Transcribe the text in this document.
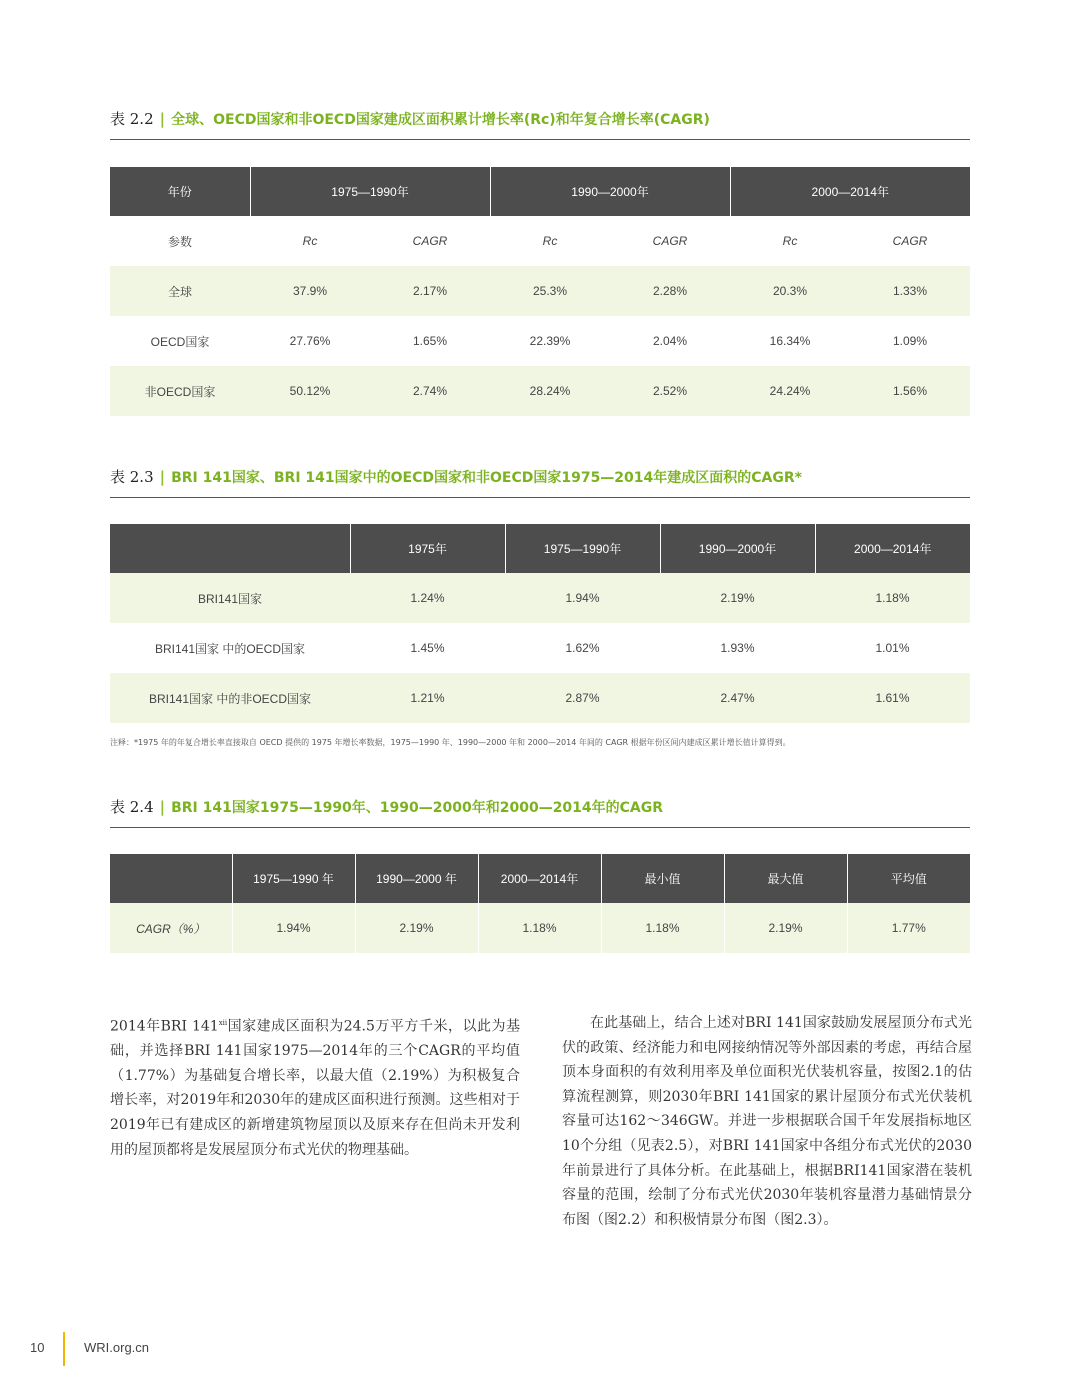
表 2.2 | 全球、OECD国家和非OECD国家建成区面积累计增长率(Rc)和年复合增长率(CAGR)
年份	1975—1990年		1990—2000年		2000—2014年	
参数	Rc	CAGR	Rc	CAGR	Rc	CAGR
全球	37.9%	2.17%	25.3%	2.28%	20.3%	1.33%
OECD国家	27.76%	1.65%	22.39%	2.04%	16.34%	1.09%
非OECD国家	50.12%	2.74%	28.24%	2.52%	24.24%	1.56%
表 2.3 | BRI 141国家、BRI 141国家中的OECD国家和非OECD国家1975—2014年建成区面积的CAGR*
	1975年	1975—1990年	1990—2000年	2000—2014年
BRI141国家	1.24%	1.94%	2.19%	1.18%
BRI141国家 中的OECD国家	1.45%	1.62%	1.93%	1.01%
BRI141国家 中的非OECD国家	1.21%	2.87%	2.47%	1.61%
注释：*1975 年的年复合增长率直接取自 OECD 提供的 1975 年增长率数据，1975—1990 年、1990—2000 年和 2000—2014 年间的 CAGR 根据年份区间内建成区累计增长值计算得到。
表 2.4 | BRI 141国家1975—1990年、1990—2000年和2000—2014年的CAGR
	1975—1990 年	1990—2000 年	2000—2014年	最小值	最大值	平均值
CAGR（%）	1.94%	2.19%	1.18%	1.18%	2.19%	1.77%

2014年BRI 141$^{xii}$国家建成区面积为24.5万平方千米，以此为基础，并选择BRI 141国家1975—2014年的三个CAGR的平均值（1.77%）为基础复合增长率，以最大值（2.19%）为积极复合增长率，对2019年和2030年的建成区面积进行预测。这些相对于2019年已有建成区的新增建筑物屋顶以及原来存在但尚未开发利用的屋顶都将是发展屋顶分布式光伏的物理基础。

在此基础上，结合上述对BRI 141国家鼓励发展屋顶分布式光伏的政策、经济能力和电网接纳情况等外部因素的考虑，再结合屋顶本身面积的有效利用率及单位面积光伏装机容量，按图2.1的估算流程测算，则2030年BRI 141国家的累计屋顶分布式光伏装机容量可达162～346GW。并进一步根据联合国千年发展指标地区10个分组（见表2.5），对BRI 141国家中各组分布式光伏的2030年前景进行了具体分析。在此基础上，根据BRI141国家潜在装机容量的范围，绘制了分布式光伏2030年装机容量潜力基础情景分布图（图2.2）和积极情景分布图（图2.3）。

10	WRI.org.cn
